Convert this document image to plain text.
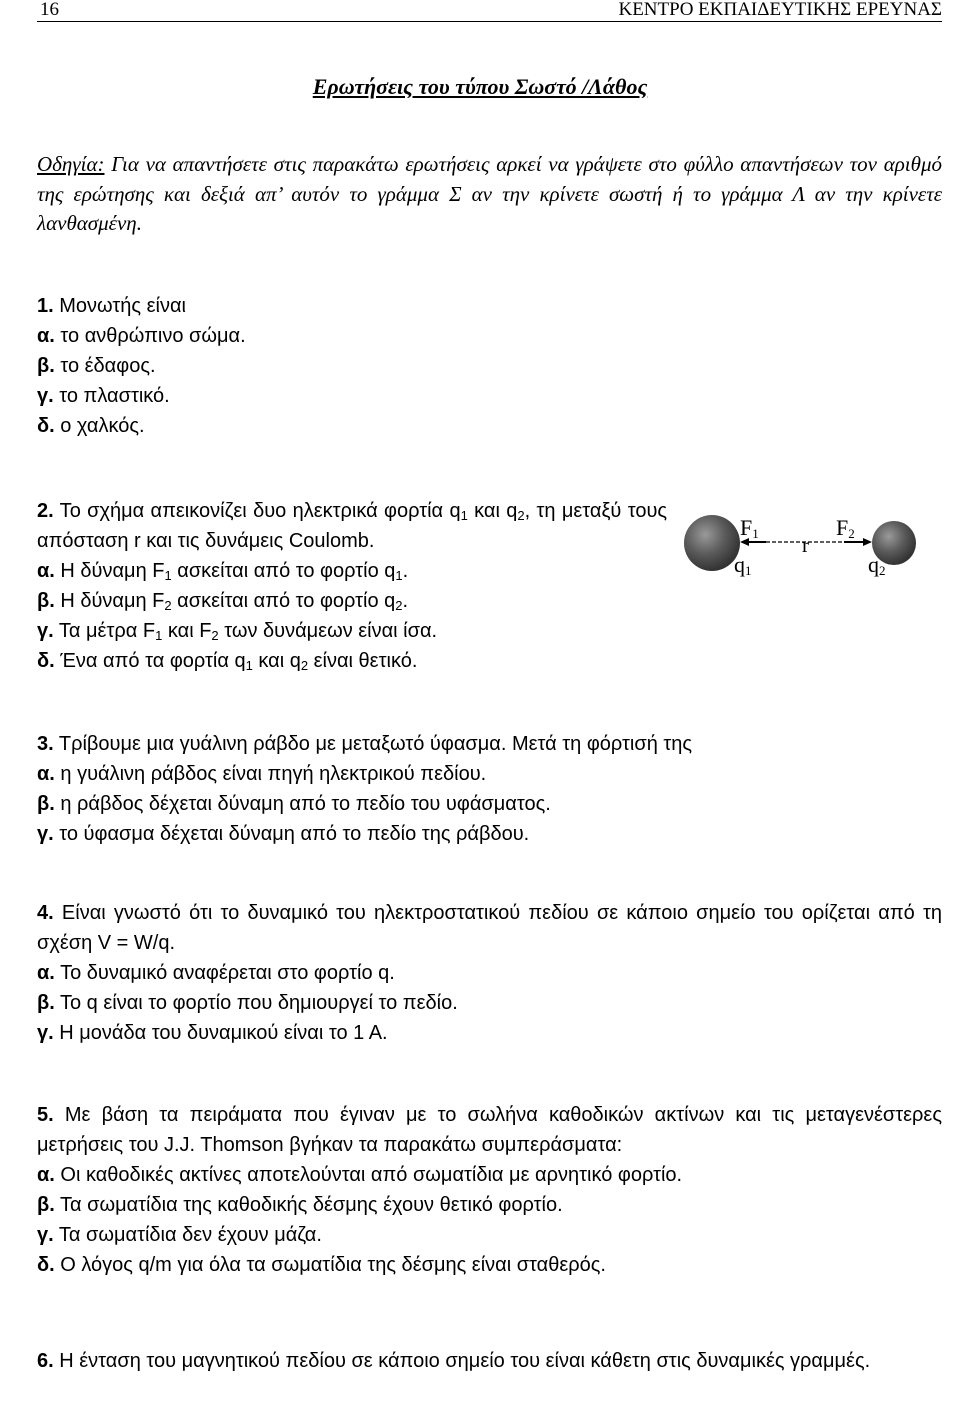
16	ΚΕΝΤΡΟ ΕΚΠΑΙΔΕΥΤΙΚΗΣ ΕΡΕΥΝΑΣ
Ερωτήσεις του τύπου Σωστό /Λάθος
Οδηγία: Για να απαντήσετε στις παρακάτω ερωτήσεις αρκεί να γράψετε στο φύλλο απαντήσεων τον αριθμό της ερώτησης και δεξιά απ’ αυτόν το γράμμα Σ αν την κρίνετε σωστή ή το γράμμα Λ αν την κρίνετε λανθασμένη.
1. Μονωτής είναι
α. το ανθρώπινο σώμα.
β. το έδαφος.
γ. το πλαστικό.
δ. ο χαλκός.
2. Το σχήμα απεικονίζει δυο ηλεκτρικά φορτία $q_1$ και $q_2$, τη μεταξύ τους απόσταση r και τις δυνάμεις Coulomb.
α. Η δύναμη $F_1$ ασκείται από το φορτίο $q_1$.
β. Η δύναμη $F_2$ ασκείται από το φορτίο $q_2$.
γ. Τα μέτρα $F_1$ και $F_2$ των δυνάμεων είναι ίσα.
δ. Ένα από τα φορτία $q_1$ και $q_2$ είναι θετικό.
F1	F2
r
q1	q2
3. Τρίβουμε μια γυάλινη ράβδο με μεταξωτό ύφασμα. Μετά τη φόρτισή της
α. η γυάλινη ράβδος είναι πηγή ηλεκτρικού πεδίου.
β. η ράβδος δέχεται δύναμη από το πεδίο του υφάσματος.
γ. το ύφασμα δέχεται δύναμη από το πεδίο της ράβδου.
4. Είναι γνωστό ότι το δυναμικό του ηλεκτροστατικού πεδίου σε κάποιο σημείο του ορίζεται από τη σχέση V = W/q.
α. Το δυναμικό αναφέρεται στο φορτίο q.
β. Το q είναι το φορτίο που δημιουργεί το πεδίο.
γ. Η μονάδα του δυναμικού είναι το 1 Α.
5. Με βάση τα πειράματα που έγιναν με το σωλήνα καθοδικών ακτίνων και τις μεταγενέστερες μετρήσεις του J.J. Thomson βγήκαν τα παρακάτω συμπεράσματα:
α. Οι καθοδικές ακτίνες αποτελούνται από σωματίδια με αρνητικό φορτίο.
β. Τα σωματίδια της καθοδικής δέσμης έχουν θετικό φορτίο.
γ. Τα σωματίδια δεν έχουν μάζα.
δ. Ο λόγος q/m για όλα τα σωματίδια της δέσμης είναι σταθερός.
6. Η ένταση του μαγνητικού πεδίου σε κάποιο σημείο του είναι κάθετη στις δυναμικές γραμμές.
